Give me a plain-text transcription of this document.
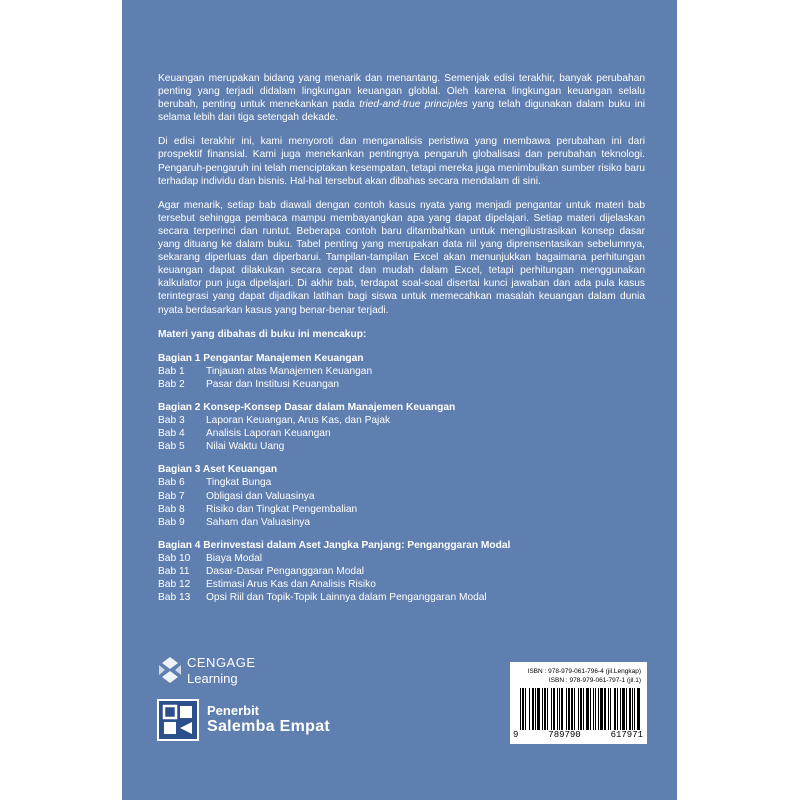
Keuangan merupakan bidang yang menarik dan menantang. Semenjak edisi terakhir, banyak perubahan penting yang terjadi didalam lingkungan keuangan globlal. Oleh karena lingkungan keuangan selalu berubah, penting untuk menekankan pada tried-and-true principles yang telah digunakan dalam buku ini selama lebih dari tiga setengah dekade.

Di edisi terakhir ini, kami menyoroti dan menganalisis peristiwa yang membawa perubahan ini dari prospektif finansial. Kami juga menekankan pentingnya pengaruh globalisasi dan perubahan teknologi. Pengaruh-pengaruh ini telah menciptakan kesempatan, tetapi mereka juga menimbulkan sumber risiko baru terhadap individu dan bisnis. Hal-hal tersebut akan dibahas secara mendalam di sini.

Agar menarik, setiap bab diawali dengan contoh kasus nyata yang menjadi pengantar untuk materi bab tersebut sehingga pembaca mampu membayangkan apa yang dapat dipelajari. Setiap materi dijelaskan secara terperinci dan runtut. Beberapa contoh baru ditambahkan untuk mengilustrasikan konsep dasar yang dituang ke dalam buku. Tabel penting yang merupakan data riil yang diprensentasikan sebelumnya, sekarang diperluas dan diperbarui. Tampilan-tampilan Excel akan menunjukkan bagaimana perhitungan keuangan dapat dilakukan secara cepat dan mudah dalam Excel, tetapi perhitungan menggunakan kalkulator pun juga dipelajari. Di akhir bab, terdapat soal-soal disertai kunci jawaban dan ada pula kasus terintegrasi yang dapat dijadikan latihan bagi siswa untuk memecahkan masalah keuangan dalam dunia nyata berdasarkan kasus yang benar-benar terjadi.

Materi yang dibahas di buku ini mencakup:

Bagian 1 Pengantar Manajemen Keuangan
Bab 1	Tinjauan atas Manajemen Keuangan
Bab 2	Pasar dan Institusi Keuangan
Bagian 2 Konsep-Konsep Dasar dalam Manajemen Keuangan
Bab 3	Laporan Keuangan, Arus Kas, dan Pajak
Bab 4	Analisis Laporan Keuangan
Bab 5	Nilai Waktu Uang
Bagian 3 Aset Keuangan
Bab 6	Tingkat Bunga
Bab 7	Obligasi dan Valuasinya
Bab 8	Risiko dan Tingkat Pengembalian
Bab 9	Saham dan Valuasinya
Bagian 4 Berinvestasi dalam Aset Jangka Panjang: Penganggaran Modal
Bab 10	Biaya Modal
Bab 11	Dasar-Dasar Penganggaran Modal
Bab 12	Estimasi Arus Kas dan Analisis Risiko
Bab 13	Opsi Riil dan Topik-Topik Lainnya dalam Penganggaran Modal
CENGAGE
Learning
Penerbit
Salemba Empat
ISBN : 978-979-061-796-4 (jil.Lengkap)
ISBN : 978-979-061-797-1 (jil.1)
9	789790	617971
